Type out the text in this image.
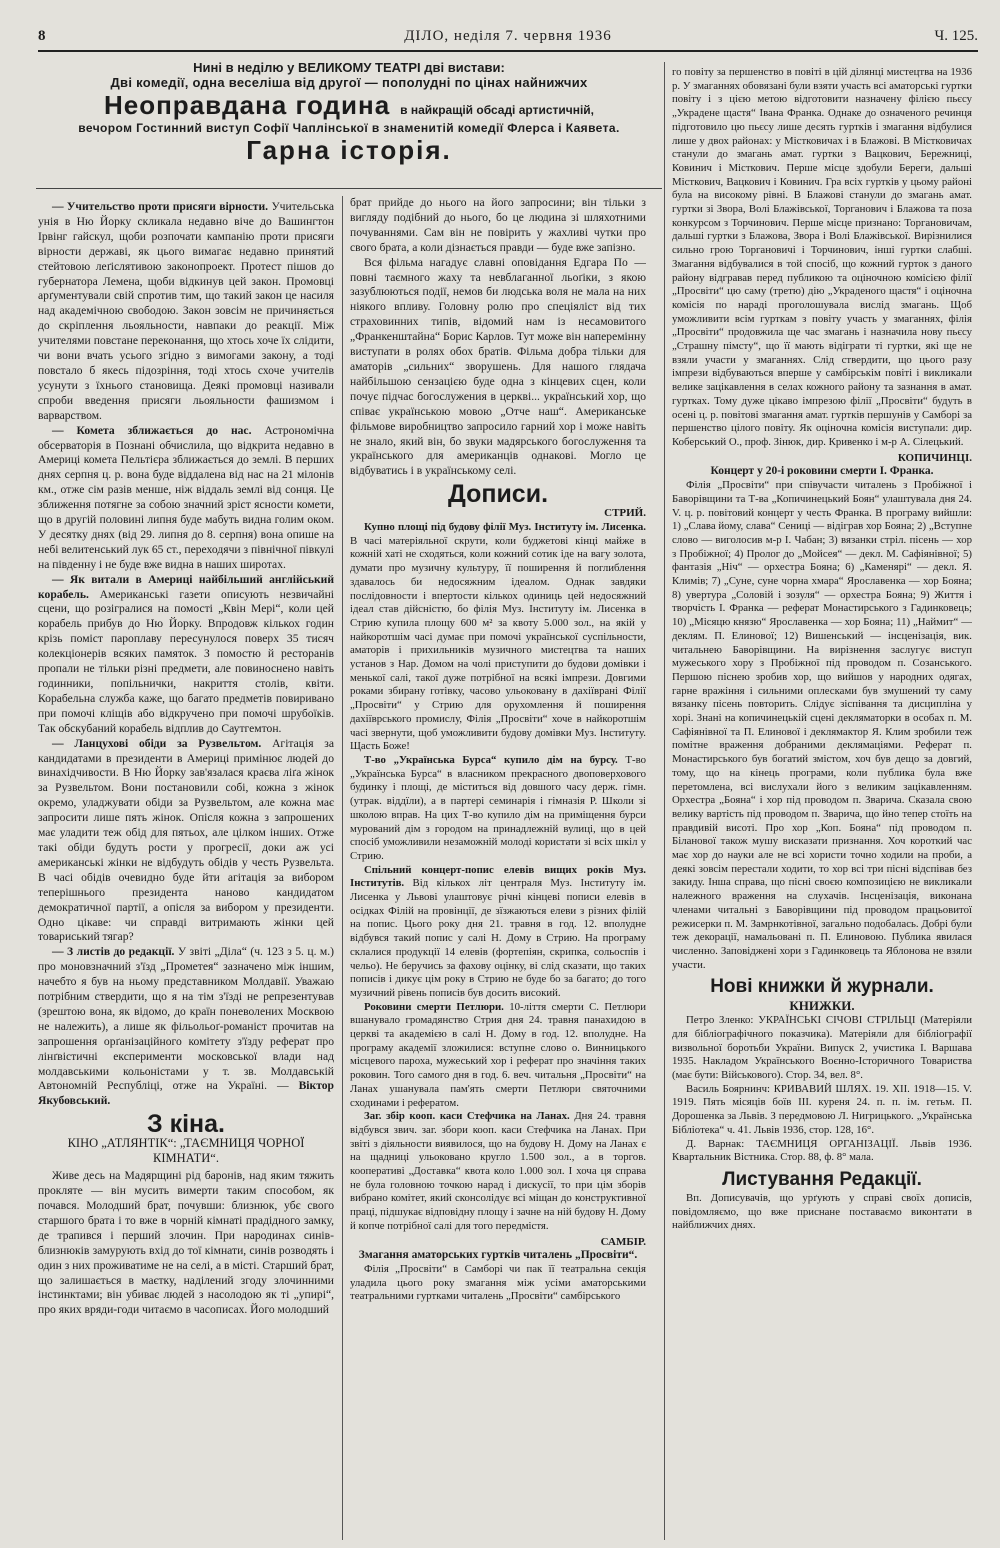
8	ДІЛО, неділя 7. червня 1936	Ч. 125.
Нині в неділю у ВЕЛИКОМУ ТЕАТРІ дві вистави:
Дві комедії, одна веселіша від другої — пополудні по цінах найнижчих
Неоправдана година в найкращій обсаді артистичній,
вечором Гостинний виступ Софії Чаплінської в знаменитій комедії Флерса і Каявета.
Гарна історія.

— Учительство проти присяги вірности. Учительська унія в Ню Йорку скликала недавно віче до Вашингтон Ірвінг гайскул, щоби розпочати кампанію проти присяги вірности державі, як цього вимагає недавно принятий стейтовою леґіслятивою законопроект. Протест пішов до губернатора Лемена, щоби відкинув цей закон. Промовці арґументували свій спротив тим, що такий закон це насиля над академічною свободою. Закон зовсім не причиняється до скріплення льояльности, навпаки до реакції. Між учителями повстане переконання, що хтось хоче їх слідити, чи вони вчать усього згідно з вимогами закону, а тоді повстало б якесь підозріння, тоді хтось схоче учителів усунути з їхнього становища. Деякі промовці називали спроби введення присяги льояльности фашизмом і варварством.

— Комета зближається до нас. Астрономічна обсерваторія в Познані обчислила, що відкрита недавно в Америці комета Пельтієра зближається до землі. В перших днях серпня ц. р. вона буде віддалена від нас на 21 мілонів км., отже сім разів менше, ніж віддаль землі від сонця. Це зближення потягне за собою значний зріст ясности комети, що в другій половині липня буде мабуть видна голим оком. У десятку днях (від 29. липня до 8. серпня) вона опише на небі велитенський лук 65 ст., переходячи з північної півкулі на південну і не буде вже видна в наших широтах.

— Як витали в Америці найбільший англійський корабель. Американські газети описують незвичайні сцени, що розігралися на помості „Квін Мері“, коли цей корабель прибув до Ню Йорку. Впродовж кількох годин крізь поміст пароплаву пересунулося поверх 35 тисяч колекціонерів всяких памяток. З помостю й ресторанів пропали не тільки різні предмети, але повиноснено навіть годинники, попільнички, накриття столів, квіти. Корабельна служба каже, що багато предметів повиривано при помочі кліщів або відкручено при помочі шрубоїків. Так обскубаний корабель відплив до Саутгемтон.

— Ланцухові обіди за Рузвельтом. Агітація за кандидатами в президенти в Америці примінює людей до винахідчивости. В Ню Йорку зав'язалася краєва ліґа жінок за Рузвельтом. Вони постановили собі, кожна з жінок окремо, уладжувати обіди за Рузвельтом, але кожна має запросити лише пять жінок. Опісля кожна з запрошених має уладити теж обід для пятьох, але цілком інших. Отже такі обіди будуть рости у прогресії, доки аж усі американські жінки не відбудуть обідів у честь Рузвельта. В часі обідів очевидно буде йти агітація за вибором теперішнього президента наново кандидатом демократичної партії, а опісля за вибором у президенти. Одно цікаве: чи справді витримають жінки цей товариський тягар?

— З листів до редакції. У звіті „Діла“ (ч. 123 з 5. ц. м.) про моновзначний з'їзд „Прометея“ зазначено між іншим, начебто я був на ньому представником Молдавії. Уважаю потрібним ствердити, що я на тім з'їзді не репрезентував (зрештою вона, як відомо, до країн поневолених Москвою не належить), а лише як фільольоґ-романіст прочитав на запрошення орґанізаційного комітету з'їзду реферат про лінґвістичні експерименти московської влади над молдавськими кольоністами у т. зв. Молдавській Автономній Республіці, отже на Україні. — Віктор Якубовський.

З кіна.
КІНО „АТЛЯНТІК“: „ТАЄМНИЦЯ ЧОРНОЇ КІМНАТИ“.

Живе десь на Мадярщині рід баронів, над яким тяжить прокляте — він мусить вимерти таким способом, як почався. Молодший брат, почувши: близнюк, убє свого старшого брата і то вже в чорній кімнаті прадідного замку, де трапився і перший злочин. При народинах синів-близнюків замурують вхід до тої кімнати, синів розводять і один з них проживатиме не на селі, а в місті. Старший брат, що залишається в маєтку, наділений згоду злочинними інстинктами; він убиває людей з насолодою як ті „упирі“, про яких вряди-годи читаємо в часописах. Його молодший

брат прийде до нього на його запросини; він тільки з вигляду подібний до нього, бо це людина зі шляхотними почуваннями. Сам він не повірить у жахливі чутки про свого брата, а коли дізнається правди — буде вже запізно.

Вся фільма нагадує славні оповідання Едгара По — повні таємного жаху та невблаганної льоґіки, з якою зазублюються події, немов би людська воля не мала на них ніякого впливу. Головну ролю про спеціяліст від тих страховинних типів, відомий нам із несамовитого „Франкенштайна“ Борис Карлов. Тут може він наперемінну виступати в ролях обох братів. Фільма добра тільки для аматорів „сильних“ зворушень. Для нашого глядача найбільшою сензацією буде одна з кінцевих сцен, коли почує підчас богослужения в церкві... український хор, що співає українською мовою „Отче наш“. Американське фільмове виробництво запросило гарний хор і може навіть не знало, який він, бо звуки мадярського богослуження та українського для американців однакові. Могло це відбуватись і в українському селі.

Дописи.
СТРИЙ.

Купно площі під будову філії Муз. Інституту ім. Лисенка. В часі матеріяльної скрути, коли буджетові кінці майже в кожній хаті не сходяться, коли кожний сотик іде на вагу золота, думати про музичну культуру, її поширення й поглиблення здавалось би недосяжним ідеалом. Однак завдяки послідовности і впертости кількох одиниць цей недосяжний ідеал став дійсністю, бо філія Муз. Інституту ім. Лисенка в Стрию купила площу 600 м² за квоту 5.000 зол., на якій у найкоротшім часі думає при помочі української суспільности, аматорів і прихильників музичного мистецтва та наших установ з Нар. Домом на чолі приступити до будови домівки і менької салі, такої дуже потрібної на всякі імпрези. Довгими роками збирану готівку, часово ульоковану в дахіїврані Філії „Просвіти“ у Стрию для орухомлення й поширення дахіїврського промислу, Філія „Просвіти“ хоче в найкоротшім часі звернути, щоб уможливити будову домівки Муз. Інституту. Щасть Боже!

Т-во „Українська Бурса“ купило дім на бурсу. Т-во „Українська Бурса“ в власником прекрасного двоповерхового будинку і площі, де міститься від довшого часу держ. гімн. (утрак. віддїли), а в партері семинарія і гімназія Р. Школи зі школою вправ. На цих Т-во купило дім на приміщення бурси мурований дім з городом на принадлежній вулиці, що в цей спосіб уможливили незаможній молоді користати зі всіх шкіл у Стрию.

Спільний концерт-попис елевів вищих років Муз. Інститутів. Від кількох літ централя Муз. Інституту ім. Лисенка у Львові улаштовує річні кінцеві пописи елевів в осідках Філій на провінції, де зїзжаються елеви з різних філій на попис. Цього року дня 21. травня в год. 12. вполудне відбувся такий попис у салі Н. Дому в Стрию. На програму склалися продукції 14 елевів (фортепіян, скрипка, сольоспів і чельо). Не беручись за фахову оцінку, ві слід сказати, що таких пописів і дикує цім року в Стрию не буде бо за багато; до того музичний рівень пописів був досить високий.

Роковини смерти Петлюри. 10-ліття смерти С. Петлюри вшанувало громадянство Стрия дня 24. травня панахидою в церкві та академією в салі Н. Дому в год. 12. вполудне. На програму академії зложилися: вступне слово о. Винницького місцевого пароха, мужеський хор і реферат про значіння таких роковин. Того самого дня в год. 6. веч. читальня „Просвіти“ на Ланах ушанувала пам'ять смерти Петлюри святочними сходинами і рефератом.

Заг. збір кооп. каси Стефчика на Ланах. Дня 24. травня відбувся звич. заг. збори кооп. каси Стефчика на Ланах. При звіті з діяльности виявилося, що на будову Н. Дому на Ланах є на щадниці ульоковано кругло 1.500 зол., а в торгов. кооперативі „Доставка“ квота коло 1.000 зол. І хоча ця справа не була головною точкою нарад і дискусії, то при цім зборів вибрано комітет, який сконсолідує всі міщан до конструктивної праці, підшукає відповідну площу і зачне на ній будову Н. Дому й копче потрібної салі для того передмістя.

САМБІР.
Змагання аматорських гуртків читалень „Просвіти“.

Філія „Просвіти“ в Самборі чи пак її театральна секція уладила цього року змагання між усіми аматорськими театральними гуртками читалень „Просвіти“ самбірського

го повіту за першенство в повіті в цій ділянці мистецтва на 1936 р. У змаганнях обовязані були взяти участь всі аматорські гуртки повіту і з цією метою відготовити назначену філією пьєсу „Украдене щастя“ Івана Франка. Однаке до означеного речинця підготовило цю пьєсу лише десять гуртків і змагання відбулися лише у двох районах: у Містковичах і в Блажові. В Містковичах станули до змагань амат. гуртки з Вацкович, Бережниці, Ковинич і Місткович. Перше місце здобули Береги, дальші Місткович, Вацкович і Ковинич. Гра всіх гуртків у цьому районі була на високому рівні. В Блажові станули до змагань амат. гуртки зі Звора, Волі Блажівської, Торганович і Блажова та поза конкурсом з Торчинович. Перше місце признано: Торгановичам, дальші гуртки з Блажова, Звора і Волі Блажівської. Вирізнилися сильно грою Торгановичі і Торчинович, інші гуртки слабші. Змагання відбувалися в той спосіб, що кожний гурток з даного району відгравав перед публикою та оціночною комісією філії „Просвіти“ цю саму (третю) дію „Украденого щастя“ і оціночна комісія по нараді проголошувала вислід змагань. Щоб уможливити всім гурткам з повіту участь у змаганнях, філія „Просвіти“ продовжила ще час змагань і назначила нову пьєсу „Страшну пімсту“, що її мають відіграти ті гуртки, які ще не взяли участи у змаганнях. Слід ствердити, що цього разу імпрези відбуваються вперше у самбірськім повіті і викликали велике зацікавлення в селах кожного району та зазнання в амат. гуртках. Тому дуже цікаво імпрезою філії „Просвіти“ будуть в осені ц. р. повітові змагання амат. гуртків першунів у Самборі за першенство цілого повіту. Як оціночна комісія виступали: дир. Коберський О., проф. Зінюк, дир. Кривенко і м-р А. Сілецький.

КОПИЧИНЦІ.
Концерт у 20-і роковини смерти І. Франка.

Філія „Просвіти“ при співучасти читалень з Пробіжної і Баворівщини та Т-ва „Копичинецький Боян“ улаштувала дня 24. V. ц. р. повітовий концерт у честь Франка. В програму вийшли: 1) „Слава йому, слава“ Сениці — відіграв хор Бояна; 2) „Вступне слово — виголосив м-р І. Чабан; 3) вязанки стріл. пісень — хор з Пробіжної; 4) Пролог до „Мойсея“ — декл. М. Сафіянівної; 5) фантазія „Ніч“ — орхестра Бояна; 6) „Каменярі“ — декл. Я. Климів; 7) „Суне, суне чорна хмара“ Ярославенка — хор Бояна; 8) увертура „Соловій і зозуля“ — орхестра Бояна; 9) Життя і творчість І. Франка — реферат Монастирського з Гадинковець; 10) „Місяцю князю“ Ярославенка — хор Бояна; 11) „Наймит“ — деклям. П. Елинової; 12) Вишенський — інсценізація, вик. читальнею Баворівщини. На вирізнення заслугує виступ мужеського хору з Пробіжної під проводом п. Созанського. Першою піснею зробив хор, що вийшов у народних одягах, гарне вражіння і сильними оплесками був змушений ту саму вязанку пісень повторить. Слідує зіспівання та дисципліна у хорі. Знані на копичинецькій сцені декляматорки в особах п. М. Сафіянівної та П. Елинової і деклямактор Я. Клим зробили теж помітне враження добраними деклямаціями. Реферат п. Монастирського був богатий змістом, хоч був дещо за довгий, тому, що на кінець програми, коли публика була вже перетомлена, всі вислухали його з великим зацікавленням. Орхестра „Бояна“ і хор під проводом п. Зварича. Сказала свою велику вартість під проводом п. Зварича, що йно тепер стоїть на правдивій висоті. Про хор „Коп. Бояна“ під проводом п. Біланової також мушу висказати признання. Хоч короткий час має хор до науки але не всі хористи точно ходили на проби, а деякі зовсім перестали ходити, то хор всі три пісні відспівав без закиду. Інша справа, що пісні своєю композицією не викликали належного враження на слухачів. Інсценізація, виконана членами читальні з Баворівщини під проводом працьовитої режисерки п. М. Замрнкотівної, загально подобалась. Добрі були теж декорації, намальовані п. П. Елиновою. Публика явилася численно. Заповіджені хори з Гадинковець та Яблонова не взяли участи.

Нові книжки й журнали.
КНИЖКИ.

Петро Зленко: УКРАЇНСЬКІ СІЧОВІ СТРІЛЬЦІ (Матеріяли для бібліографічного показчика). Матеріяли для бібліографії визвольної боротьби України. Випуск 2, учистика І. Варшава 1935. Накладом Українського Воєнно-Історичного Товариства (має бути: Військового). Стор. 34, вел. 8°.

Василь Боярнинч: КРИВАВИЙ ШЛЯХ. 19. XII. 1918—15. V. 1919. Пять місяців боїв III. куреня 24. п. п. ім. гетьм. П. Дорошенка за Львів. З передмовою Л. Нигрицького. „Українська Бібліотека“ ч. 41. Львів 1936, стор. 128, 16°.

Д. Варнак: ТАЄМНИЦЯ ОРГАНІЗАЦІЇ. Львів 1936. Квартальник Вістника. Стор. 88, ф. 8° мала.

Листування Редакції.

Вп. Дописувачів, що урґують у справі своїх дописів, повідомляємо, що вже приснане поставаємо виконтати в найближчих днях.
